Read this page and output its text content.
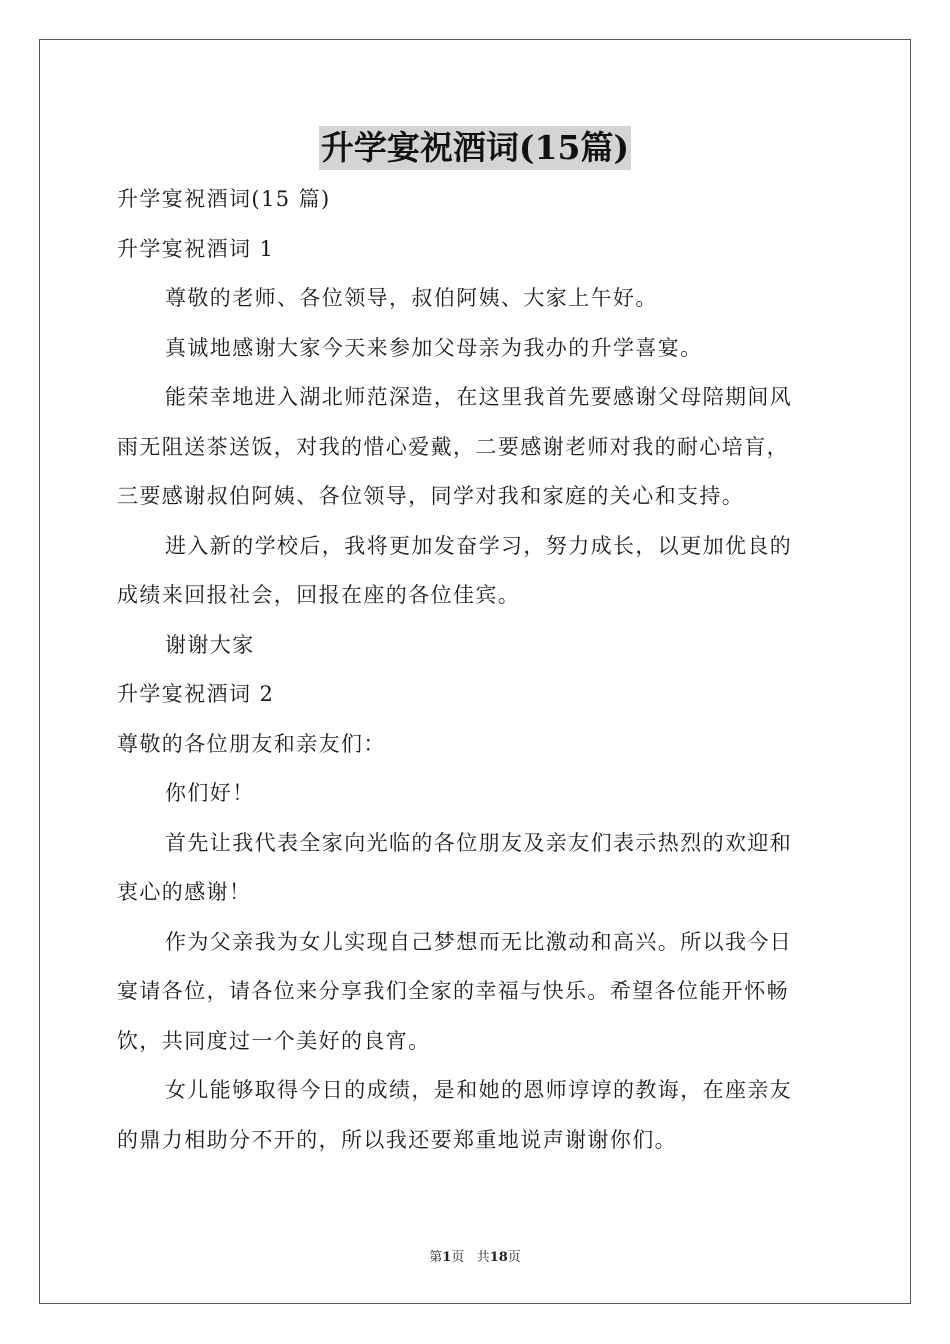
升学宴祝酒词(15篇)

升学宴祝酒词(15 篇)

升学宴祝酒词 1

尊敬的老师、各位领导，叔伯阿姨、大家上午好。

真诚地感谢大家今天来参加父母亲为我办的升学喜宴。

能荣幸地进入湖北师范深造，在这里我首先要感谢父母陪期间风

雨无阻送茶送饭，对我的惜心爱戴，二要感谢老师对我的耐心培肓，

三要感谢叔伯阿姨、各位领导，同学对我和家庭的关心和支持。

进入新的学校后，我将更加发奋学习，努力成长，以更加优良的

成绩来回报社会，回报在座的各位佳宾。

谢谢大家

升学宴祝酒词 2

尊敬的各位朋友和亲友们：

你们好！

首先让我代表全家向光临的各位朋友及亲友们表示热烈的欢迎和

衷心的感谢！

作为父亲我为女儿实现自己梦想而无比激动和高兴。所以我今日

宴请各位，请各位来分享我们全家的幸福与快乐。希望各位能开怀畅

饮，共同度过一个美好的良宵。

女儿能够取得今日的成绩，是和她的恩师谆谆的教诲，在座亲友

的鼎力相助分不开的，所以我还要郑重地说声谢谢你们。

第1页 共18页
